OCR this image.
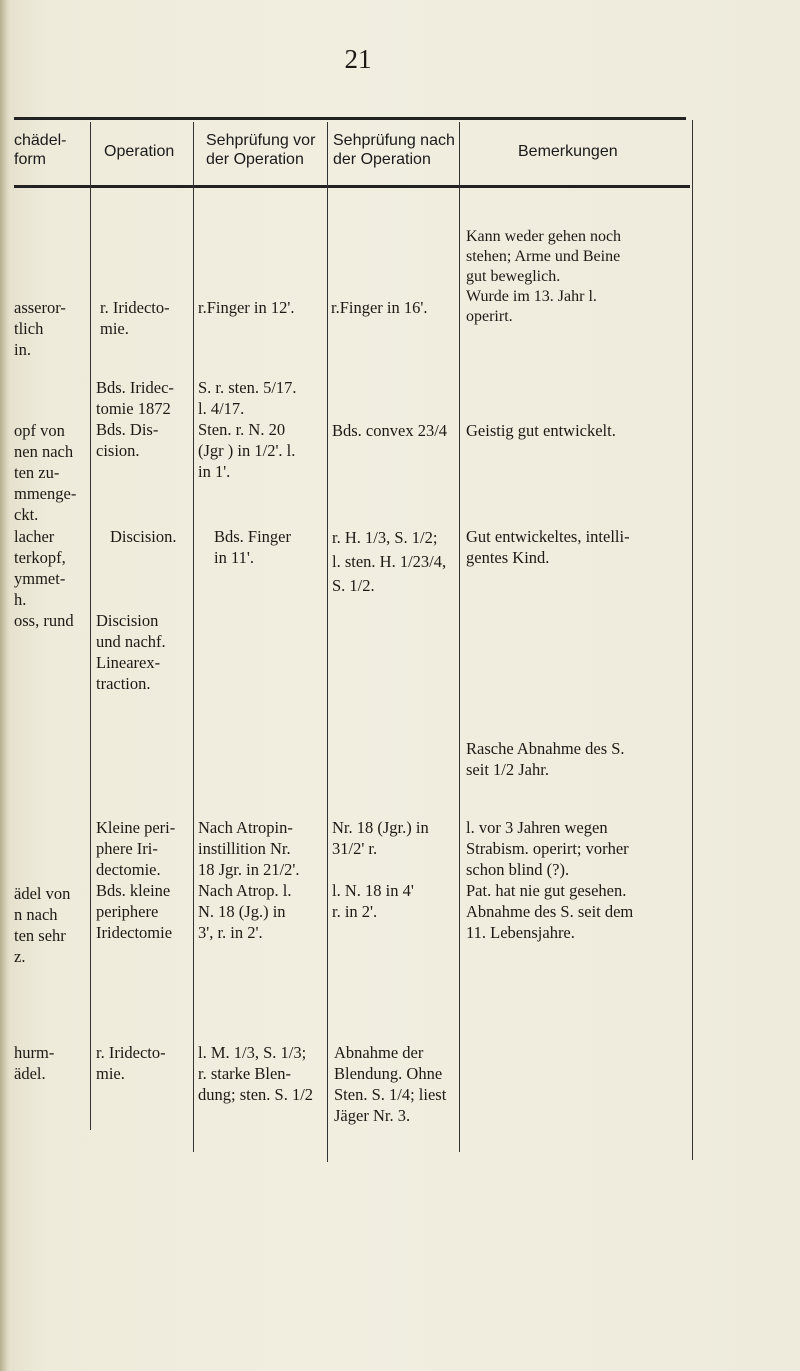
21
chädel-
form	Operation
Sehprüfung vor
der Operation
Sehprüfung nach
der Operation	Bemerkungen
asseror-
tlich
in.
r. Iridecto-
mie.
r.Finger in 12'. r.Finger in 16'.
Kann weder gehen noch
stehen; Arme und Beine
gut beweglich.
Wurde im 13. Jahr l.
operirt.
opf von
nen nach
ten zu-
mmenge-
ckt.
Bds. Iridec-
tomie 1872
Bds. Dis-
cision.
S. r. sten. 5/17.
l. 4/17.
Sten. r. N. 20
(Jgr ) in 1/2'. l.
in 1'.
Bds. convex 23/4 Geistig gut entwickelt.
lacher
terkopf,
ymmet-
h.
Discision. Bds. Finger
in 11'.
r. H. 1/3, S. 1/2;
l. sten. H. 1/23/4,
S. 1/2.
Gut entwickeltes, intelli-
gentes Kind.
oss, rund Discision
und nachf.
Linearex-
traction.
Rasche Abnahme des S.
seit 1/2 Jahr.
ädel von
n nach
ten sehr
z.
Kleine peri-
phere Iri-
dectomie.
Bds. kleine
periphere
Iridectomie
Nach Atropin-
instillition Nr.
18 Jgr. in 21/2'.
Nach Atrop. l.
N. 18 (Jg.) in
3', r. in 2'.
Nr. 18 (Jgr.) in
31/2' r.
l. N. 18 in 4'
r. in 2'.
l. vor 3 Jahren wegen
Strabism. operirt; vorher
schon blind (?).
Pat. hat nie gut gesehen.
Abnahme des S. seit dem
11. Lebensjahre.
hurm-
ädel.
r. Iridecto-
mie.
l. M. 1/3, S. 1/3;
r. starke Blen-
dung; sten. S. 1/2
Abnahme der
Blendung. Ohne
Sten. S. 1/4; liest
Jäger Nr. 3.
